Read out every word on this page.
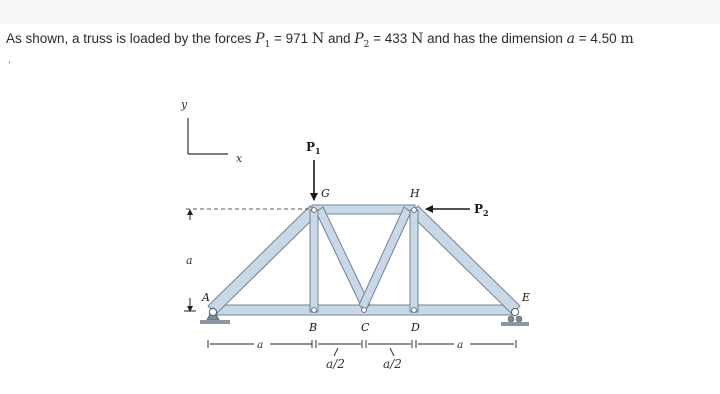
As shown, a truss is loaded by the forces $P_1 = 971$ N and $P_2 = 433$ N and has the dimension a = 4.50 m
.
y
x
a
$P_1$
$P_2$
G	H
A
B	C	D
E
a	a
a/2	a/2
